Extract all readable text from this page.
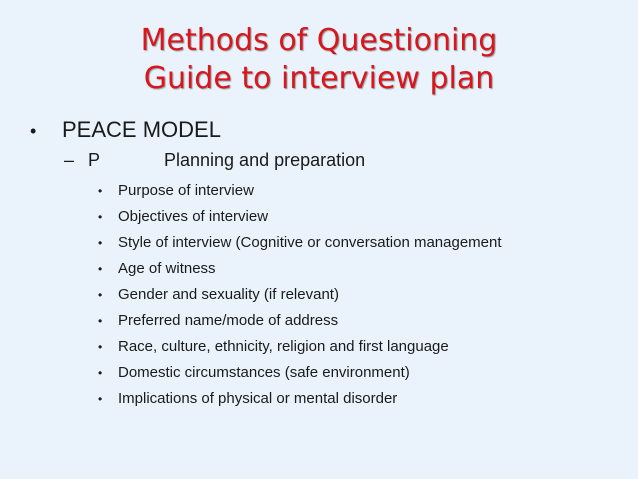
Methods of Questioning
Guide to interview plan
•	PEACE MODEL
– P	Planning and preparation
•	Purpose of interview
•	Objectives of interview
•	Style of interview (Cognitive or conversation management
•	Age of witness
•	Gender and sexuality (if relevant)
•	Preferred name/mode of address
•	Race, culture, ethnicity, religion and first language
•	Domestic circumstances (safe environment)
•	Implications of physical or mental disorder
